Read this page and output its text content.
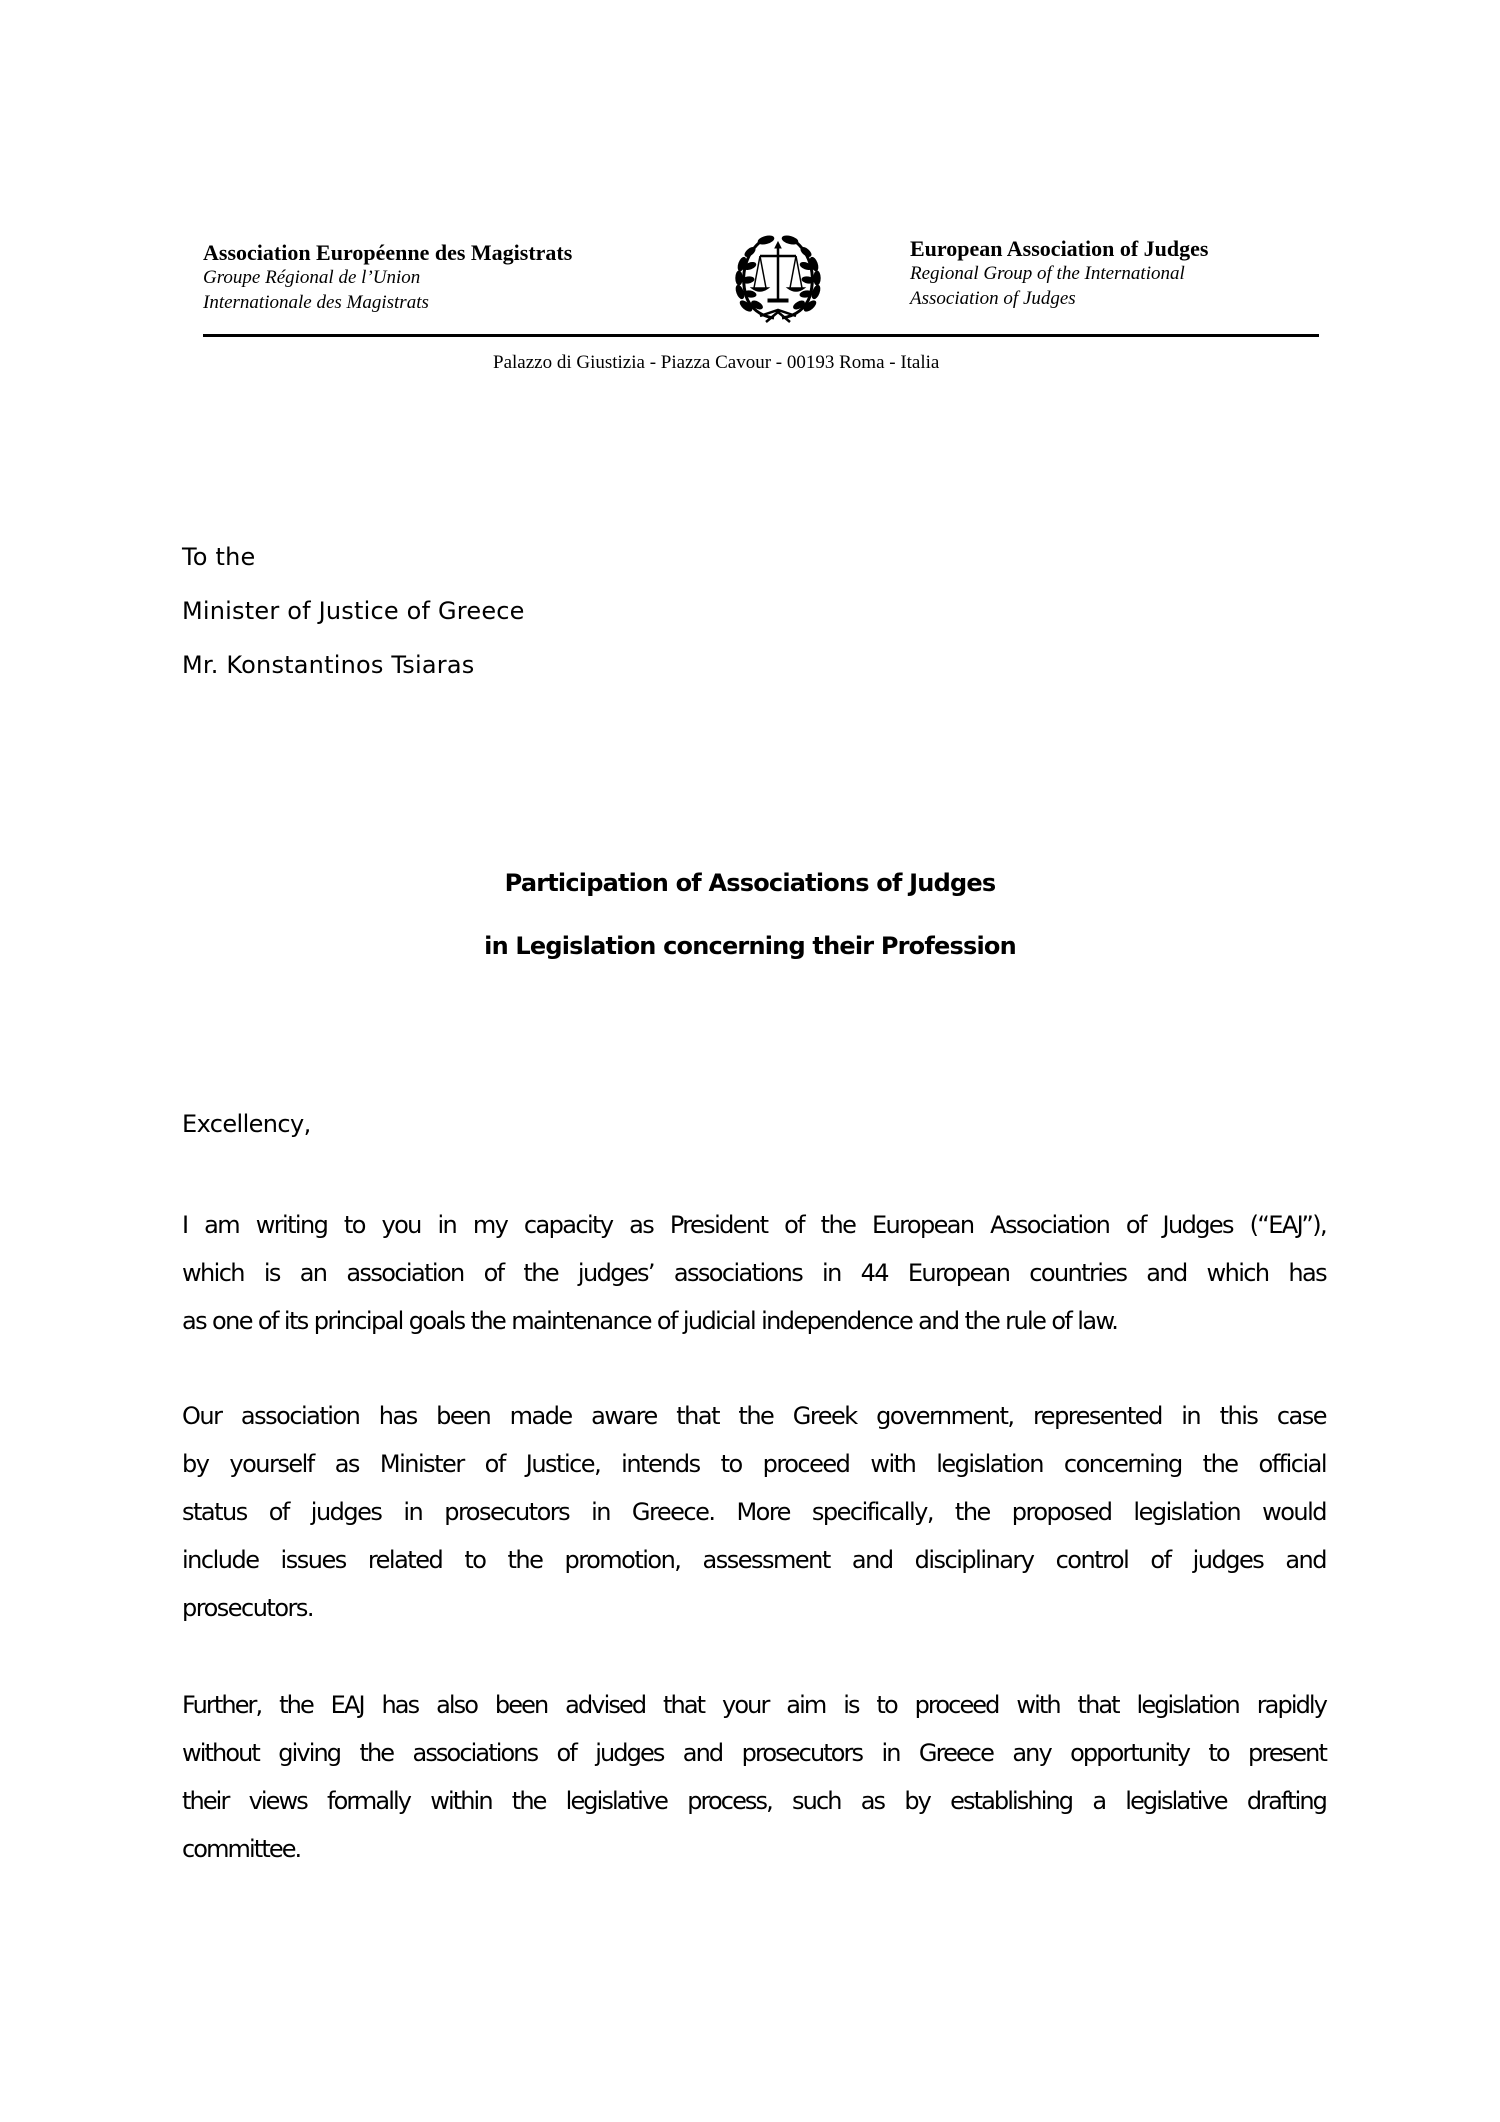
Association Européenne des Magistrats
Groupe Régional de l’Union
Internationale des Magistrats
European Association of Judges
Regional Group of the International
Association of Judges
Palazzo di Giustizia - Piazza Cavour - 00193 Roma - Italia
To the
Minister of Justice of Greece
Mr. Konstantinos Tsiaras
Participation of Associations of Judges
in Legislation concerning their Profession
Excellency,
I am writing to you in my capacity as President of the European Association of Judges (“EAJ”),
which is an association of the judges’ associations in 44 European countries and which has
as one of its principal goals the maintenance of judicial independence and the rule of law.
Our association has been made aware that the Greek government, represented in this case
by yourself as Minister of Justice, intends to proceed with legislation concerning the official
status of judges in prosecutors in Greece. More specifically, the proposed legislation would
include issues related to the promotion, assessment and disciplinary control of judges and
prosecutors.
Further, the EAJ has also been advised that your aim is to proceed with that legislation rapidly
without giving the associations of judges and prosecutors in Greece any opportunity to present
their views formally within the legislative process, such as by establishing a legislative drafting
committee.
